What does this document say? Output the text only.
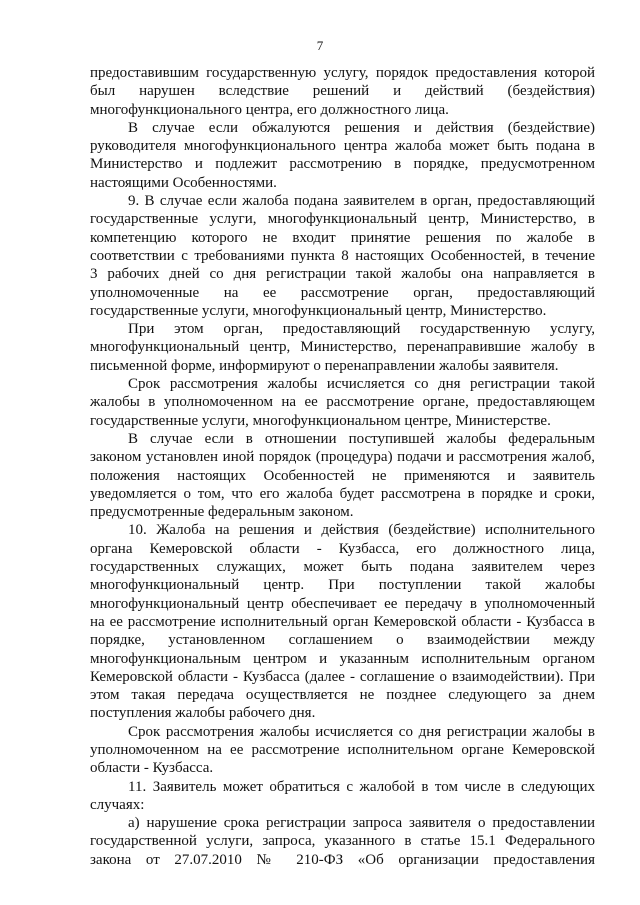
7
предоставившим государственную услугу, порядок предоставления которой
был нарушен вследствие решений и действий (бездействия)
многофункционального центра, его должностного лица.
В случае если обжалуются решения и действия (бездействие)
руководителя многофункционального центра жалоба может быть подана в
Министерство и подлежит рассмотрению в порядке, предусмотренном
настоящими Особенностями.
9. В случае если жалоба подана заявителем в орган, предоставляющий
государственные услуги, многофункциональный центр, Министерство, в
компетенцию которого не входит принятие решения по жалобе в
соответствии с требованиями пункта 8 настоящих Особенностей, в течение
3 рабочих дней со дня регистрации такой жалобы она направляется в
уполномоченные на ее рассмотрение орган, предоставляющий
государственные услуги, многофункциональный центр, Министерство.
При этом орган, предоставляющий государственную услугу,
многофункциональный центр, Министерство, перенаправившие жалобу в
письменной форме, информируют о перенаправлении жалобы заявителя.
Срок рассмотрения жалобы исчисляется со дня регистрации такой
жалобы в уполномоченном на ее рассмотрение органе, предоставляющем
государственные услуги, многофункциональном центре, Министерстве.
В случае если в отношении поступившей жалобы федеральным
законом установлен иной порядок (процедура) подачи и рассмотрения жалоб,
положения настоящих Особенностей не применяются и заявитель
уведомляется о том, что его жалоба будет рассмотрена в порядке и сроки,
предусмотренные федеральным законом.
10. Жалоба на решения и действия (бездействие) исполнительного
органа Кемеровской области - Кузбасса, его должностного лица,
государственных служащих, может быть подана заявителем через
многофункциональный центр. При поступлении такой жалобы
многофункциональный центр обеспечивает ее передачу в уполномоченный
на ее рассмотрение исполнительный орган Кемеровской области - Кузбасса в
порядке, установленном соглашением о взаимодействии между
многофункциональным центром и указанным исполнительным органом
Кемеровской области - Кузбасса (далее - соглашение о взаимодействии). При
этом такая передача осуществляется не позднее следующего за днем
поступления жалобы рабочего дня.
Срок рассмотрения жалобы исчисляется со дня регистрации жалобы в
уполномоченном на ее рассмотрение исполнительном органе Кемеровской
области - Кузбасса.
11. Заявитель может обратиться с жалобой в том числе в следующих
случаях:
а) нарушение срока регистрации запроса заявителя о предоставлении
государственной услуги, запроса, указанного в статье 15.1 Федерального
закона от 27.07.2010 № 210-ФЗ «Об организации предоставления
